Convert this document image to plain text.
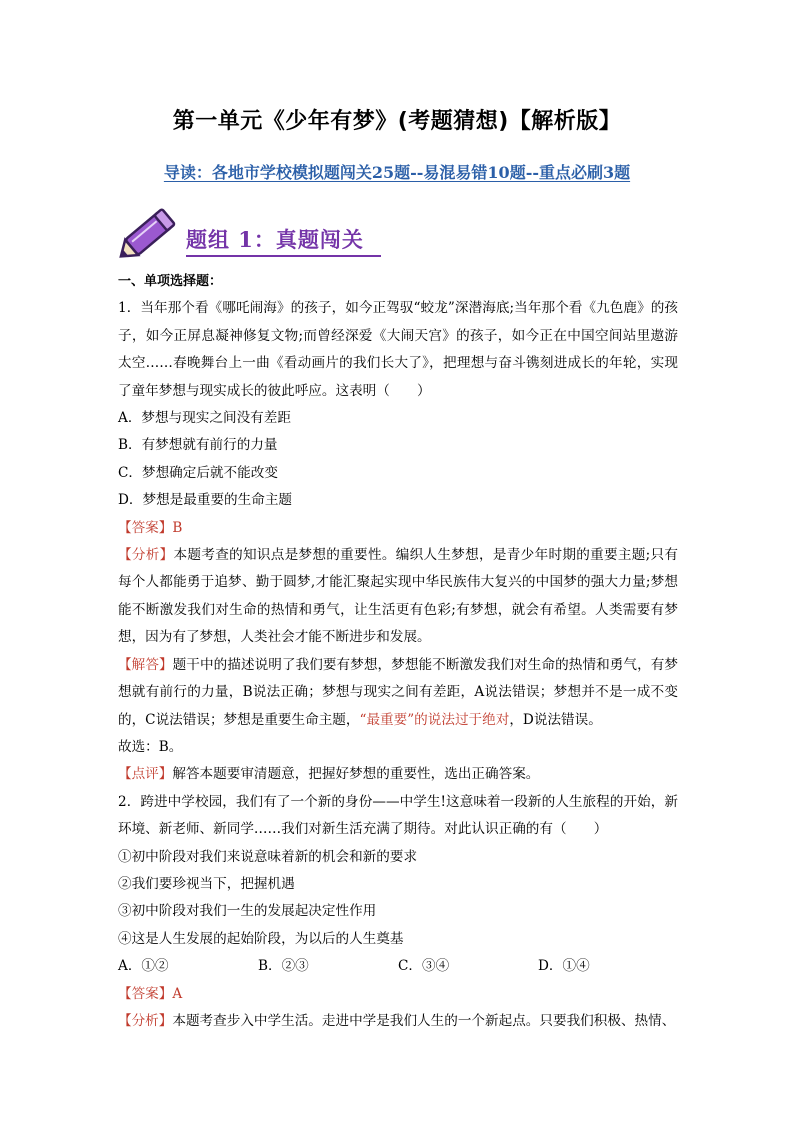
第一单元《少年有梦》(考题猜想)【解析版】
导读：各地市学校模拟题闯关25题--易混易错10题--重点必刷3题
题组 1：真题闯关

一、单项选择题：

1．当年那个看《哪吒闹海》的孩子，如今正驾驭“蛟龙”深潜海底;当年那个看《九色鹿》的孩子，如今正屏息凝神修复文物;而曾经深爱《大闹天宫》的孩子，如今正在中国空间站里遨游太空……春晚舞台上一曲《看动画片的我们长大了》，把理想与奋斗镌刻进成长的年轮，实现了童年梦想与现实成长的彼此呼应。这表明（　　）

A．梦想与现实之间没有差距

B．有梦想就有前行的力量

C．梦想确定后就不能改变

D．梦想是最重要的生命主题

【答案】B

【分析】本题考查的知识点是梦想的重要性。编织人生梦想，是青少年时期的重要主题;只有每个人都能勇于追梦、勤于圆梦,才能汇聚起实现中华民族伟大复兴的中国梦的强大力量;梦想能不断激发我们对生命的热情和勇气，让生活更有色彩;有梦想，就会有希望。人类需要有梦想，因为有了梦想，人类社会才能不断进步和发展。

【解答】题干中的描述说明了我们要有梦想，梦想能不断激发我们对生命的热情和勇气，有梦想就有前行的力量，B说法正确；梦想与现实之间有差距，A说法错误；梦想并不是一成不变的，C说法错误；梦想是重要生命主题，“最重要”的说法过于绝对，D说法错误。

故选：B。

【点评】解答本题要审清题意，把握好梦想的重要性，选出正确答案。

2．跨进中学校园，我们有了一个新的身份——中学生!这意味着一段新的人生旅程的开始，新环境、新老师、新同学……我们对新生活充满了期待。对此认识正确的有（　　）

①初中阶段对我们来说意味着新的机会和新的要求

②我们要珍视当下，把握机遇

③初中阶段对我们一生的发展起决定性作用

④这是人生发展的起始阶段，为以后的人生奠基

A．①②	B．②③	C．③④	D．①④

【答案】A

【分析】本题考查步入中学生活。走进中学是我们人生的一个新起点。只要我们积极、热情、
